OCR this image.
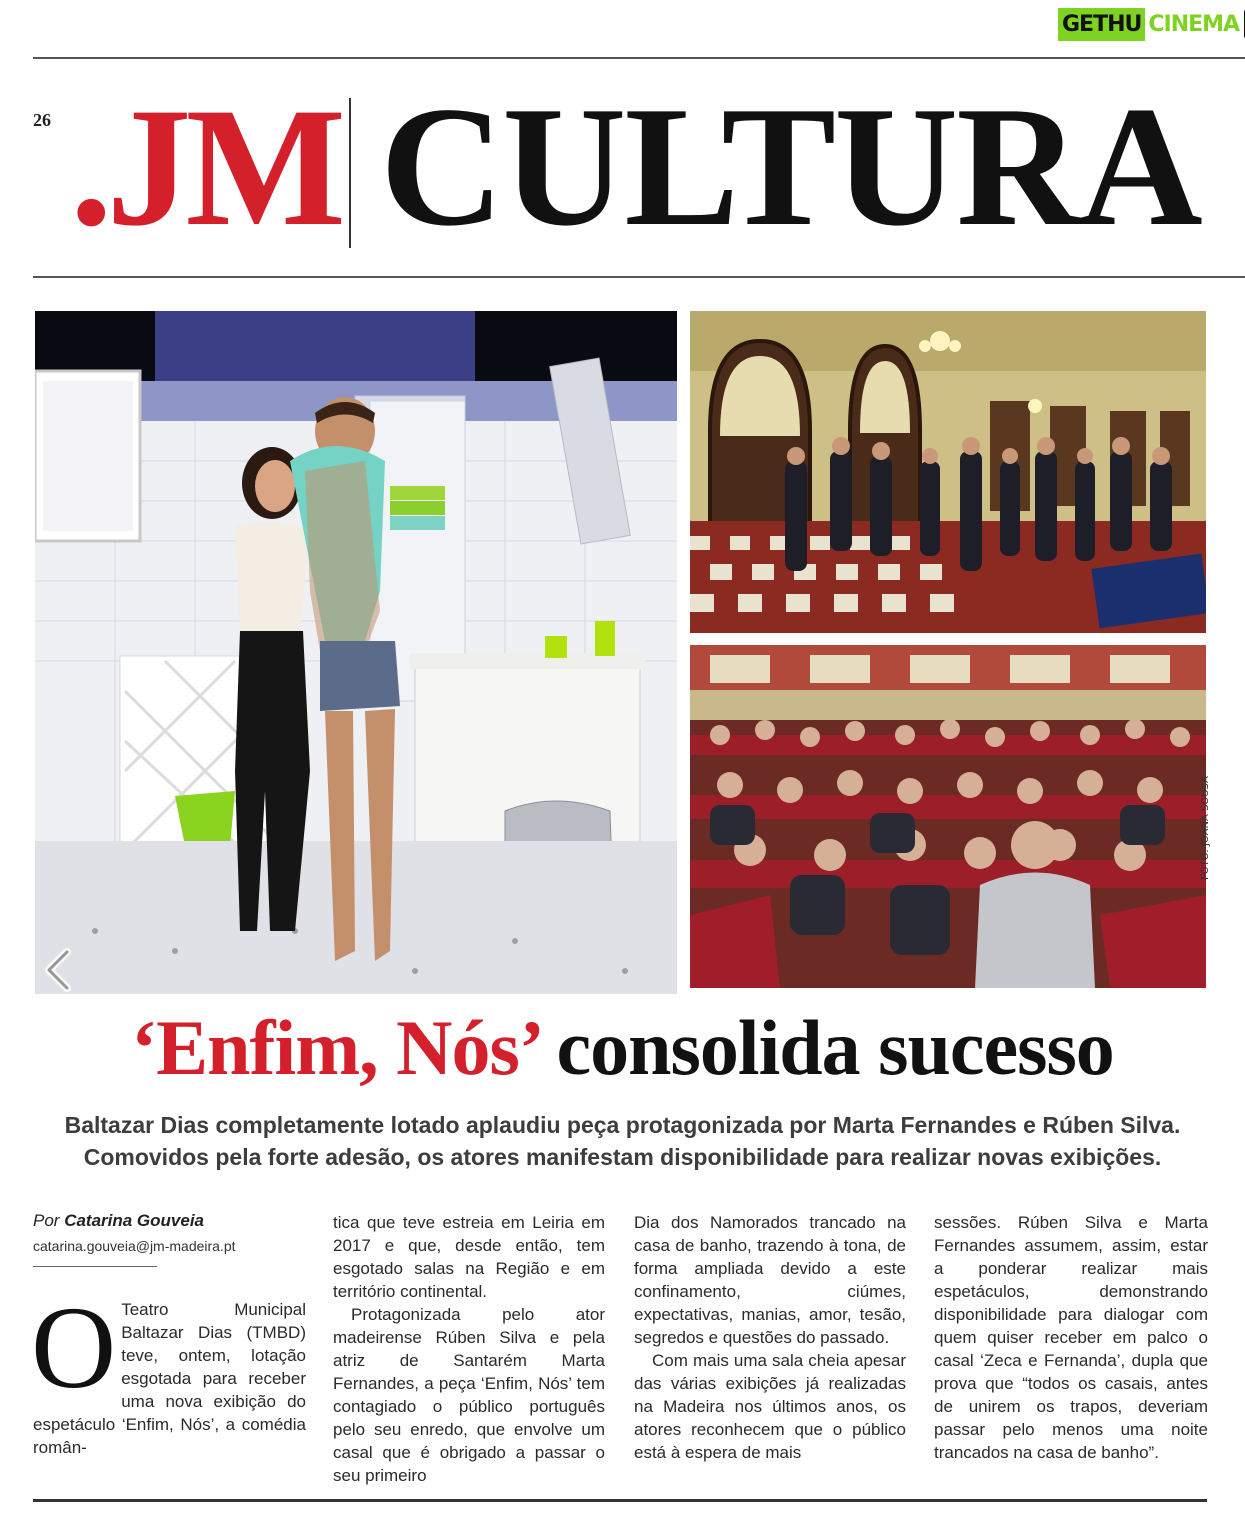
GETHU CINEMA
26 .JM CULTURA
FOTO: JOANA SOUSA
‘Enfim, Nós’ consolida sucesso
Baltazar Dias completamente lotado aplaudiu peça protagonizada por Marta Fernandes e Rúben Silva.
Comovidos pela forte adesão, os atores manifestam disponibilidade para realizar novas exibições.
Por Catarina Gouveia
catarina.gouveia@jm-madeira.pt
O Teatro Municipal Baltazar Dias (TMBD) teve, ontem, lotação esgotada para receber uma nova exibição do espetáculo ‘Enfim, Nós’, a comédia român-

tica que teve estreia em Leiria em 2017 e que, desde então, tem esgotado salas na Região e em território continental.

Protagonizada pelo ator madeirense Rúben Silva e pela atriz de Santarém Marta Fernandes, a peça ‘Enfim, Nós’ tem contagiado o público português pelo seu enredo, que envolve um casal que é obrigado a passar o seu primeiro

Dia dos Namorados trancado na casa de banho, trazendo à tona, de forma ampliada devido a este confinamento, ciúmes, expectativas, manias, amor, tesão, segredos e questões do passado.

Com mais uma sala cheia apesar das várias exibições já realizadas na Madeira nos últimos anos, os atores reconhecem que o público está à espera de mais

sessões. Rúben Silva e Marta Fernandes assumem, assim, estar a ponderar realizar mais espetáculos, demonstrando disponibilidade para dialogar com quem quiser receber em palco o casal ‘Zeca e Fernanda’, dupla que prova que “todos os casais, antes de unirem os trapos, deveriam passar pelo menos uma noite trancados na casa de banho”.
